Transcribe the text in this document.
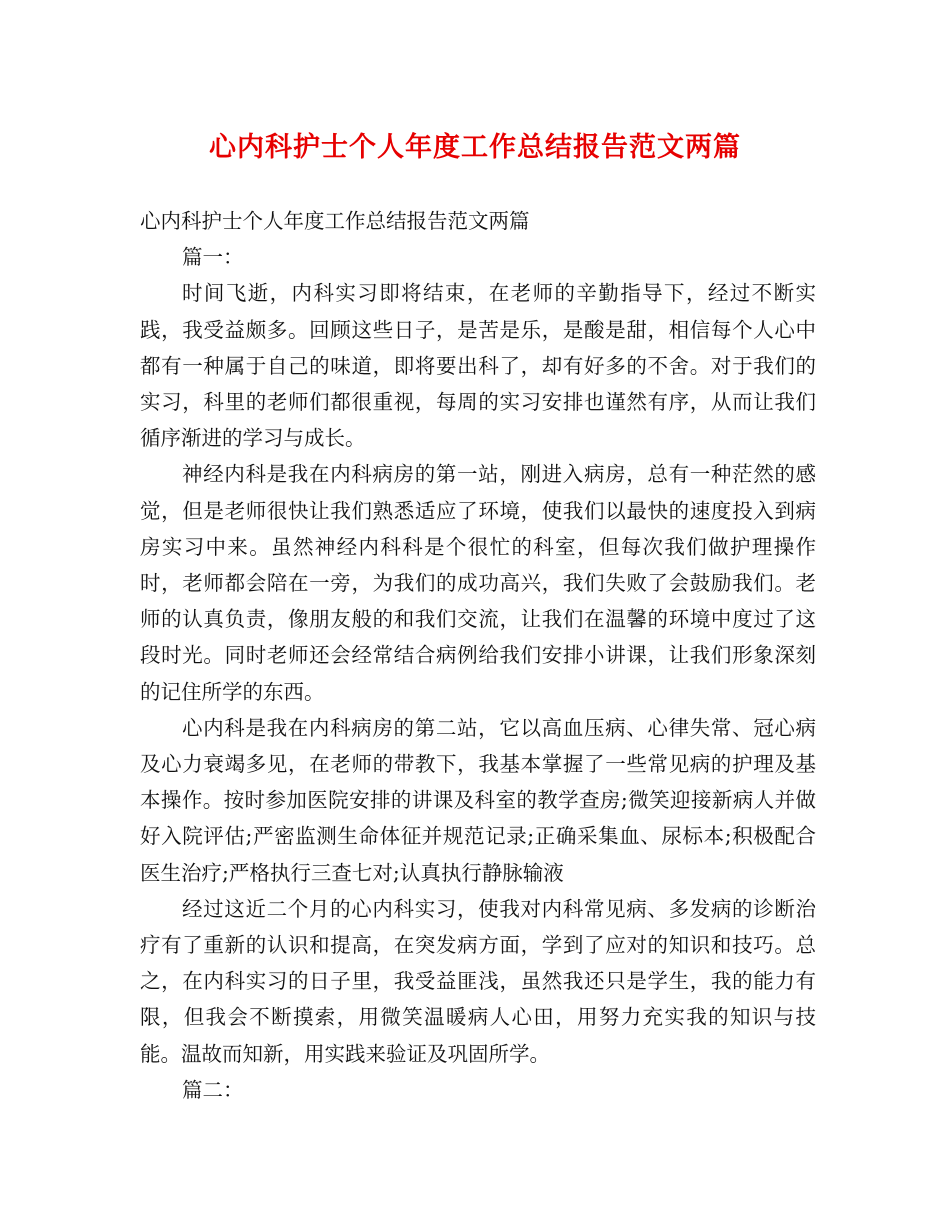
心内科护士个人年度工作总结报告范文两篇

心内科护士个人年度工作总结报告范文两篇

篇一：

时间飞逝，内科实习即将结束，在老师的辛勤指导下，经过不断实践，我受益颇多。回顾这些日子，是苦是乐，是酸是甜，相信每个人心中都有一种属于自己的味道，即将要出科了，却有好多的不舍。对于我们的实习，科里的老师们都很重视，每周的实习安排也谨然有序，从而让我们循序渐进的学习与成长。

神经内科是我在内科病房的第一站，刚进入病房，总有一种茫然的感觉，但是老师很快让我们熟悉适应了环境，使我们以最快的速度投入到病房实习中来。虽然神经内科科是个很忙的科室，但每次我们做护理操作时，老师都会陪在一旁，为我们的成功高兴，我们失败了会鼓励我们。老师的认真负责，像朋友般的和我们交流，让我们在温馨的环境中度过了这段时光。同时老师还会经常结合病例给我们安排小讲课，让我们形象深刻的记住所学的东西。

心内科是我在内科病房的第二站，它以高血压病、心律失常、冠心病及心力衰竭多见，在老师的带教下，我基本掌握了一些常见病的护理及基本操作。按时参加医院安排的讲课及科室的教学查房;微笑迎接新病人并做好入院评估;严密监测生命体征并规范记录;正确采集血、尿标本;积极配合医生治疗;严格执行三查七对;认真执行静脉输液

经过这近二个月的心内科实习，使我对内科常见病、多发病的诊断治疗有了重新的认识和提高，在突发病方面，学到了应对的知识和技巧。总之，在内科实习的日子里，我受益匪浅，虽然我还只是学生，我的能力有限，但我会不断摸索，用微笑温暖病人心田，用努力充实我的知识与技能。温故而知新，用实践来验证及巩固所学。

篇二：
